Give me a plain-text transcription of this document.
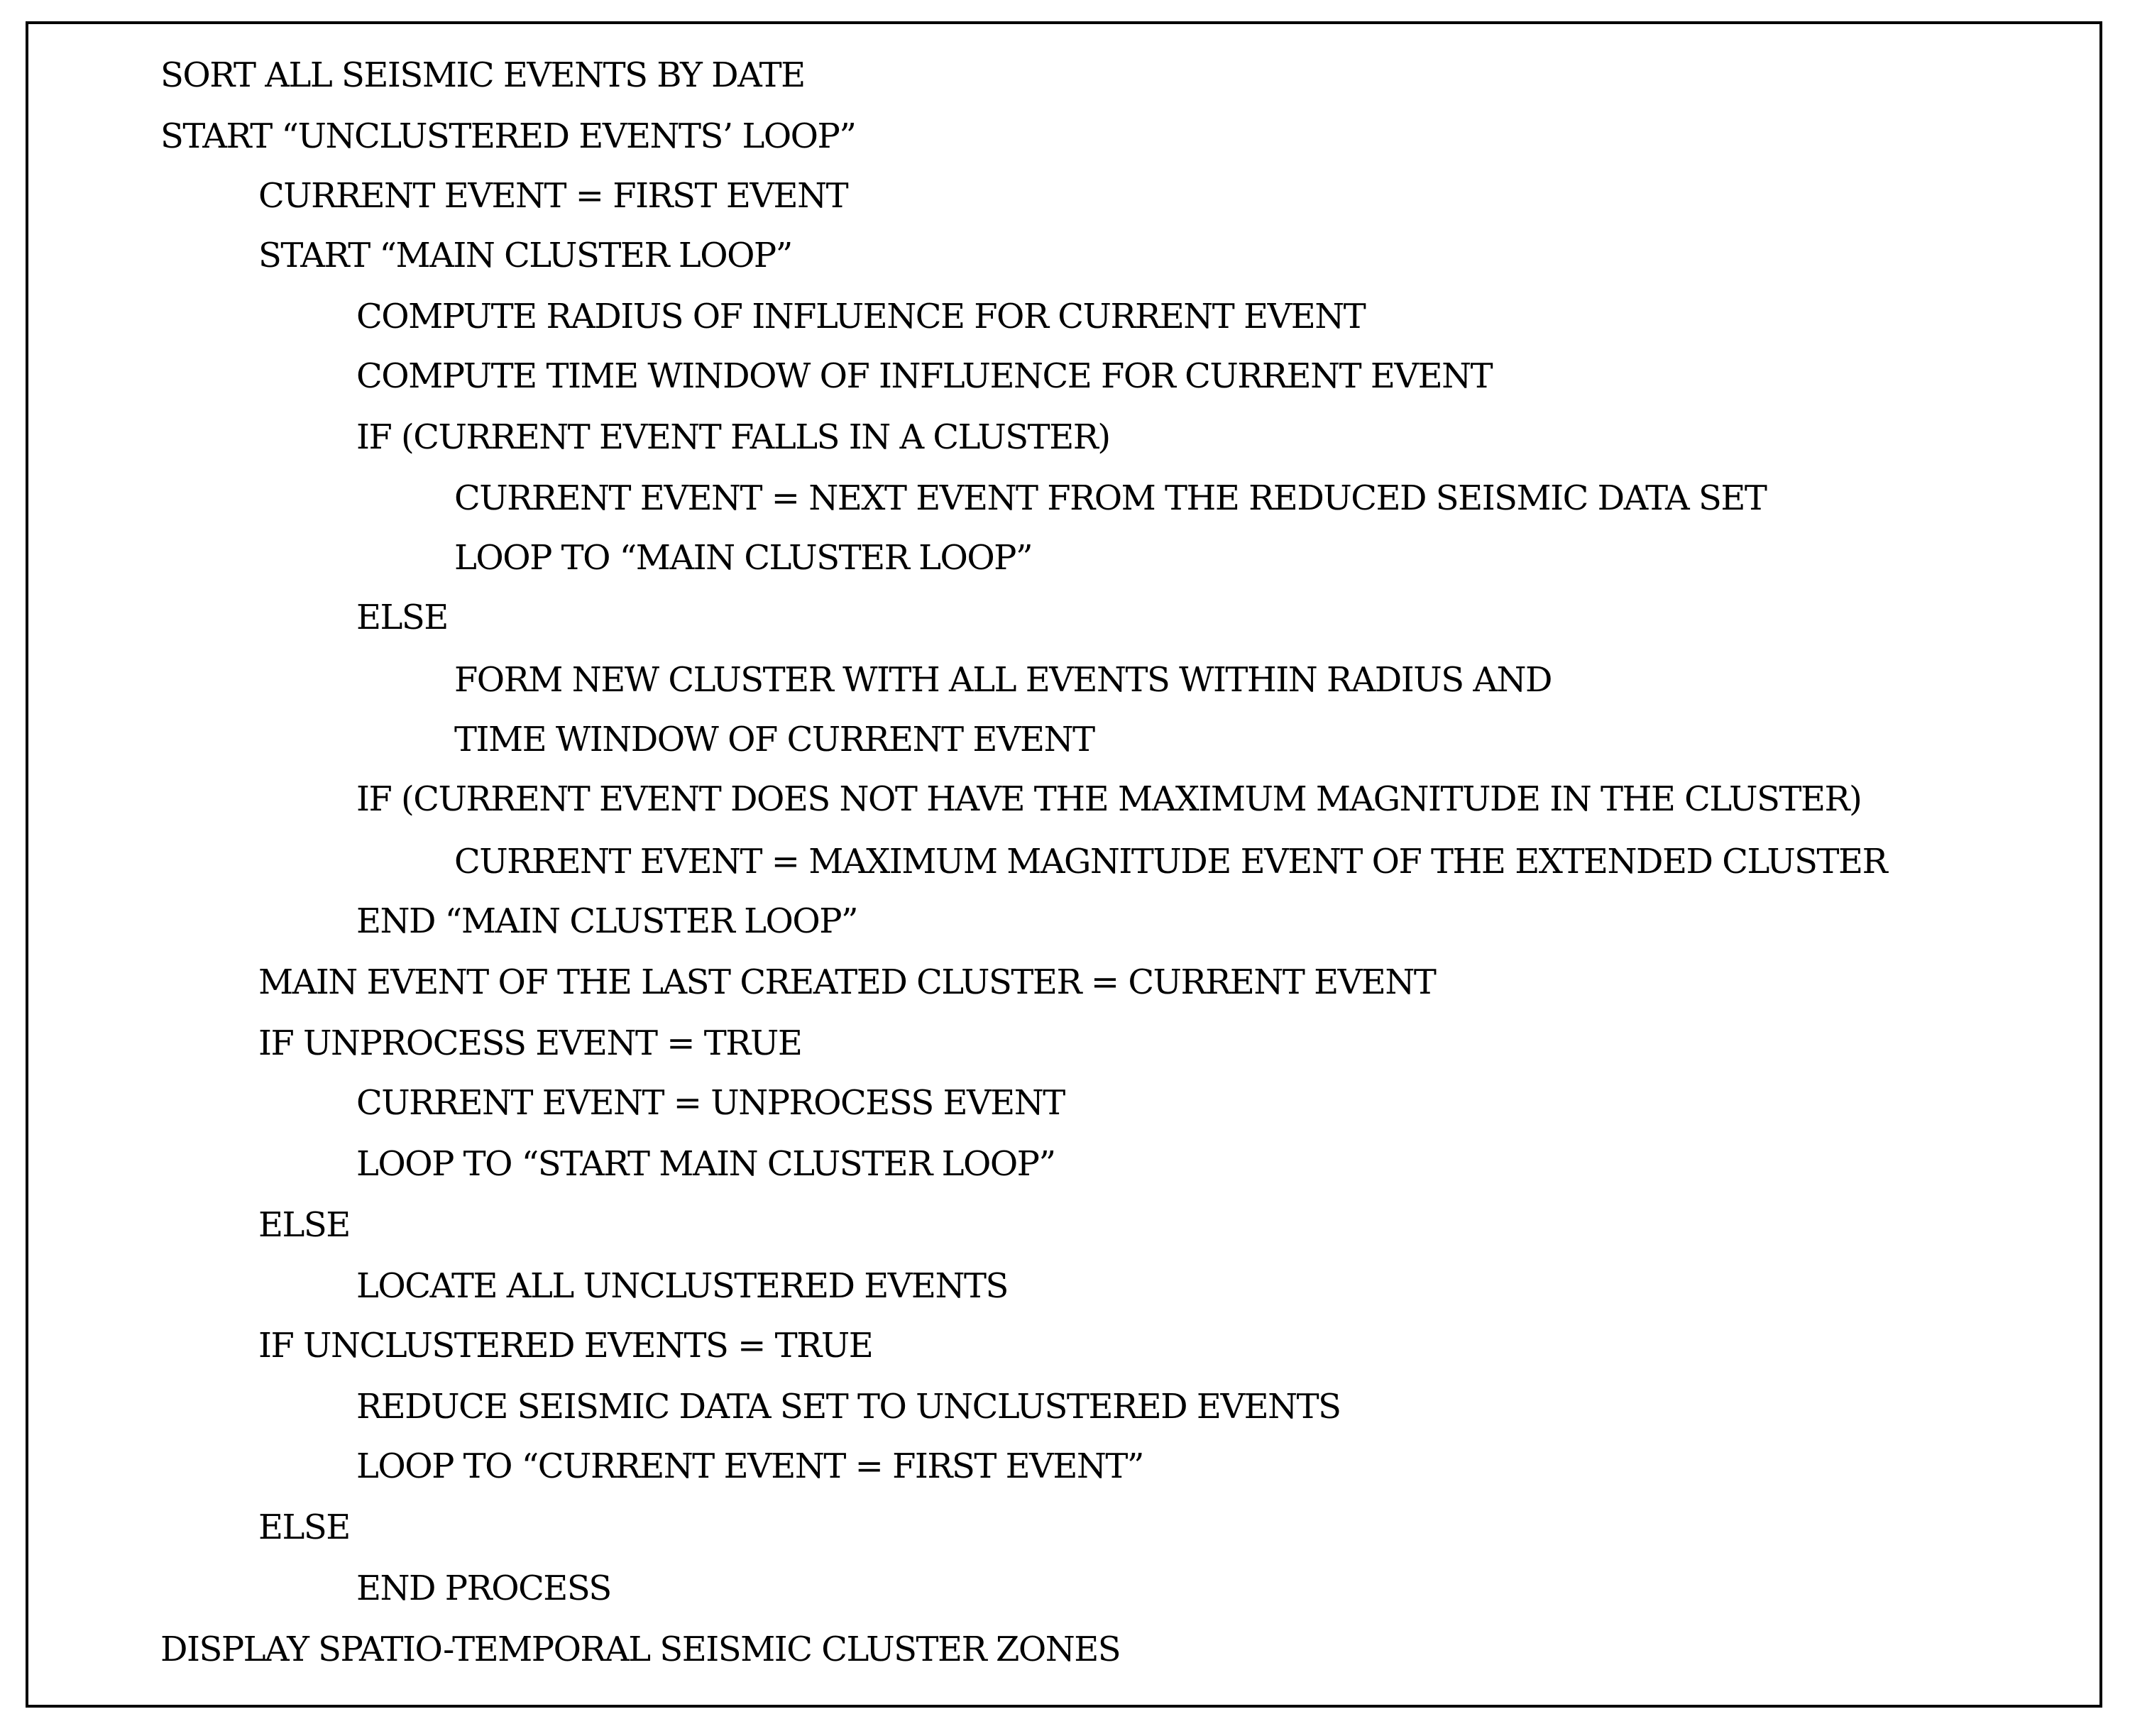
SORT ALL SEISMIC EVENTS BY DATE
START “UNCLUSTERED EVENTS’ LOOP”
CURRENT EVENT = FIRST EVENT
START “MAIN CLUSTER LOOP”
COMPUTE RADIUS OF INFLUENCE FOR CURRENT EVENT
COMPUTE TIME WINDOW OF INFLUENCE FOR CURRENT EVENT
IF (CURRENT EVENT FALLS IN A CLUSTER)
CURRENT EVENT = NEXT EVENT FROM THE REDUCED SEISMIC DATA SET
LOOP TO “MAIN CLUSTER LOOP”
ELSE
FORM NEW CLUSTER WITH ALL EVENTS WITHIN RADIUS AND
TIME WINDOW OF CURRENT EVENT
IF (CURRENT EVENT DOES NOT HAVE THE MAXIMUM MAGNITUDE IN THE CLUSTER)
CURRENT EVENT = MAXIMUM MAGNITUDE EVENT OF THE EXTENDED CLUSTER
END “MAIN CLUSTER LOOP”
MAIN EVENT OF THE LAST CREATED CLUSTER = CURRENT EVENT
IF UNPROCESS EVENT = TRUE
CURRENT EVENT = UNPROCESS EVENT
LOOP TO “START MAIN CLUSTER LOOP”
ELSE
LOCATE ALL UNCLUSTERED EVENTS
IF UNCLUSTERED EVENTS = TRUE
REDUCE SEISMIC DATA SET TO UNCLUSTERED EVENTS
LOOP TO “CURRENT EVENT = FIRST EVENT”
ELSE
END PROCESS
DISPLAY SPATIO-TEMPORAL SEISMIC CLUSTER ZONES
